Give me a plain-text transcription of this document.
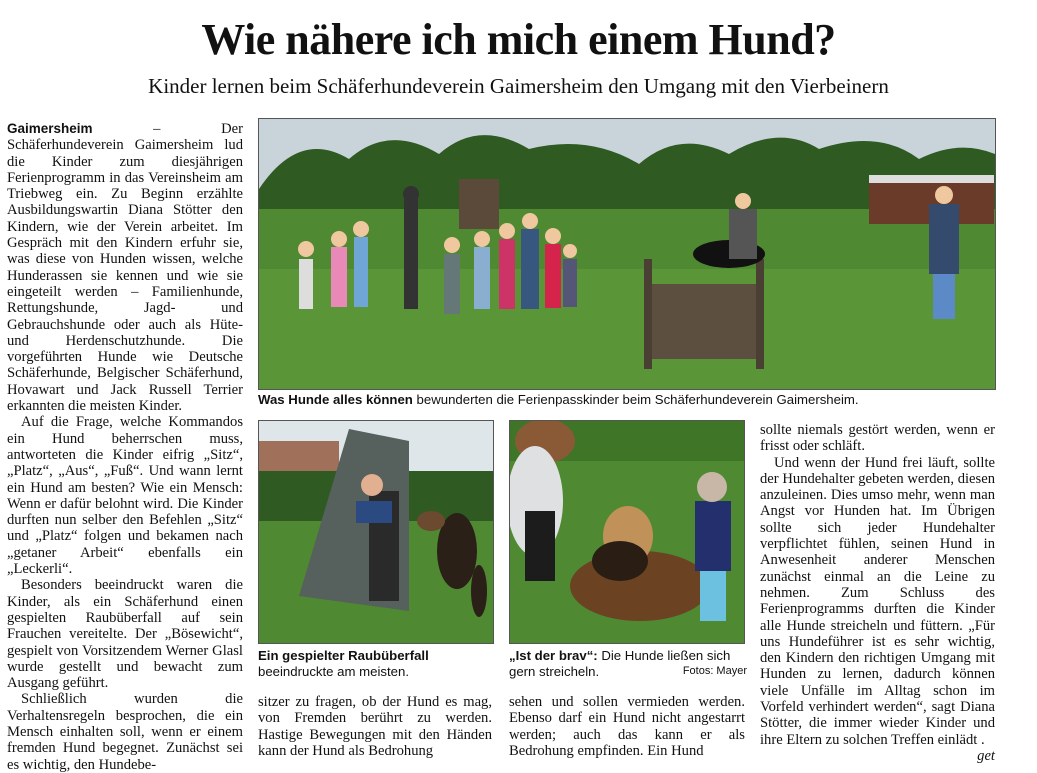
Wie nähere ich mich einem Hund?
Kinder lernen beim Schäferhundeverein Gaimersheim den Umgang mit den Vierbeinern

Gaimersheim – Der Schäferhundeverein Gaimersheim lud die Kinder zum diesjährigen Ferienprogramm in das Vereinsheim am Triebweg ein. Zu Beginn erzählte Ausbildungswartin Diana Stötter den Kindern, wie der Verein arbeitet. Im Gespräch mit den Kindern erfuhr sie, was diese von Hunden wissen, welche Hunderassen sie kennen und wie sie eingeteilt werden – Familienhunde, Rettungshunde, Jagd- und Gebrauchshunde oder auch als Hüte- und Herdenschutzhunde. Die vorgeführten Hunde wie Deutsche Schäferhunde, Belgischer Schäferhund, Hovawart und Jack Russell Terrier erkannten die meisten Kinder.

Auf die Frage, welche Kommandos ein Hund beherrschen muss, antworteten die Kinder eifrig „Sitz“, „Platz“, „Aus“, „Fuß“. Und wann lernt ein Hund am besten? Wie ein Mensch: Wenn er dafür belohnt wird. Die Kinder durften nun selber den Befehlen „Sitz“ und „Platz“ folgen und bekamen nach „getaner Arbeit“ ebenfalls ein „Leckerli“.

Besonders beeindruckt waren die Kinder, als ein Schäferhund einen gespielten Raubüberfall auf sein Frauchen vereitelte. Der „Bösewicht“, gespielt von Vorsitzendem Werner Glasl wurde gestellt und bewacht zum Ausgang geführt.

Schließlich wurden die Verhaltensregeln besprochen, die ein Mensch einhalten soll, wenn er einem fremden Hund begegnet. Zunächst sei es wichtig, den Hundebe-

Was Hunde alles können bewunderten die Ferienpasskinder beim Schäferhundeverein Gaimersheim.
Ein gespielter Raubüberfall beeindruckte am meisten.
„Ist der brav“: Die Hunde ließen sich gern streicheln.	Fotos: Mayer

sitzer zu fragen, ob der Hund es mag, von Fremden berührt zu werden. Hastige Bewegungen mit den Händen kann der Hund als Bedrohung

sehen und sollen vermieden werden. Ebenso darf ein Hund nicht angestarrt werden; auch das kann er als Bedrohung empfinden. Ein Hund

sollte niemals gestört werden, wenn er frisst oder schläft.

Und wenn der Hund frei läuft, sollte der Hundehalter gebeten werden, diesen anzuleinen. Dies umso mehr, wenn man Angst vor Hunden hat. Im Übrigen sollte sich jeder Hundehalter verpflichtet fühlen, seinen Hund in Anwesenheit anderer Menschen zunächst einmal an die Leine zu nehmen. Zum Schluss des Ferienprogramms durften die Kinder alle Hunde streicheln und füttern. „Für uns Hundeführer ist es sehr wichtig, den Kindern den richtigen Umgang mit Hunden zu lernen, dadurch können viele Unfälle im Alltag schon im Vorfeld verhindert werden“, sagt Diana Stötter, die immer wieder Kinder und ihre Eltern zu solchen Treffen einlädt .
get
